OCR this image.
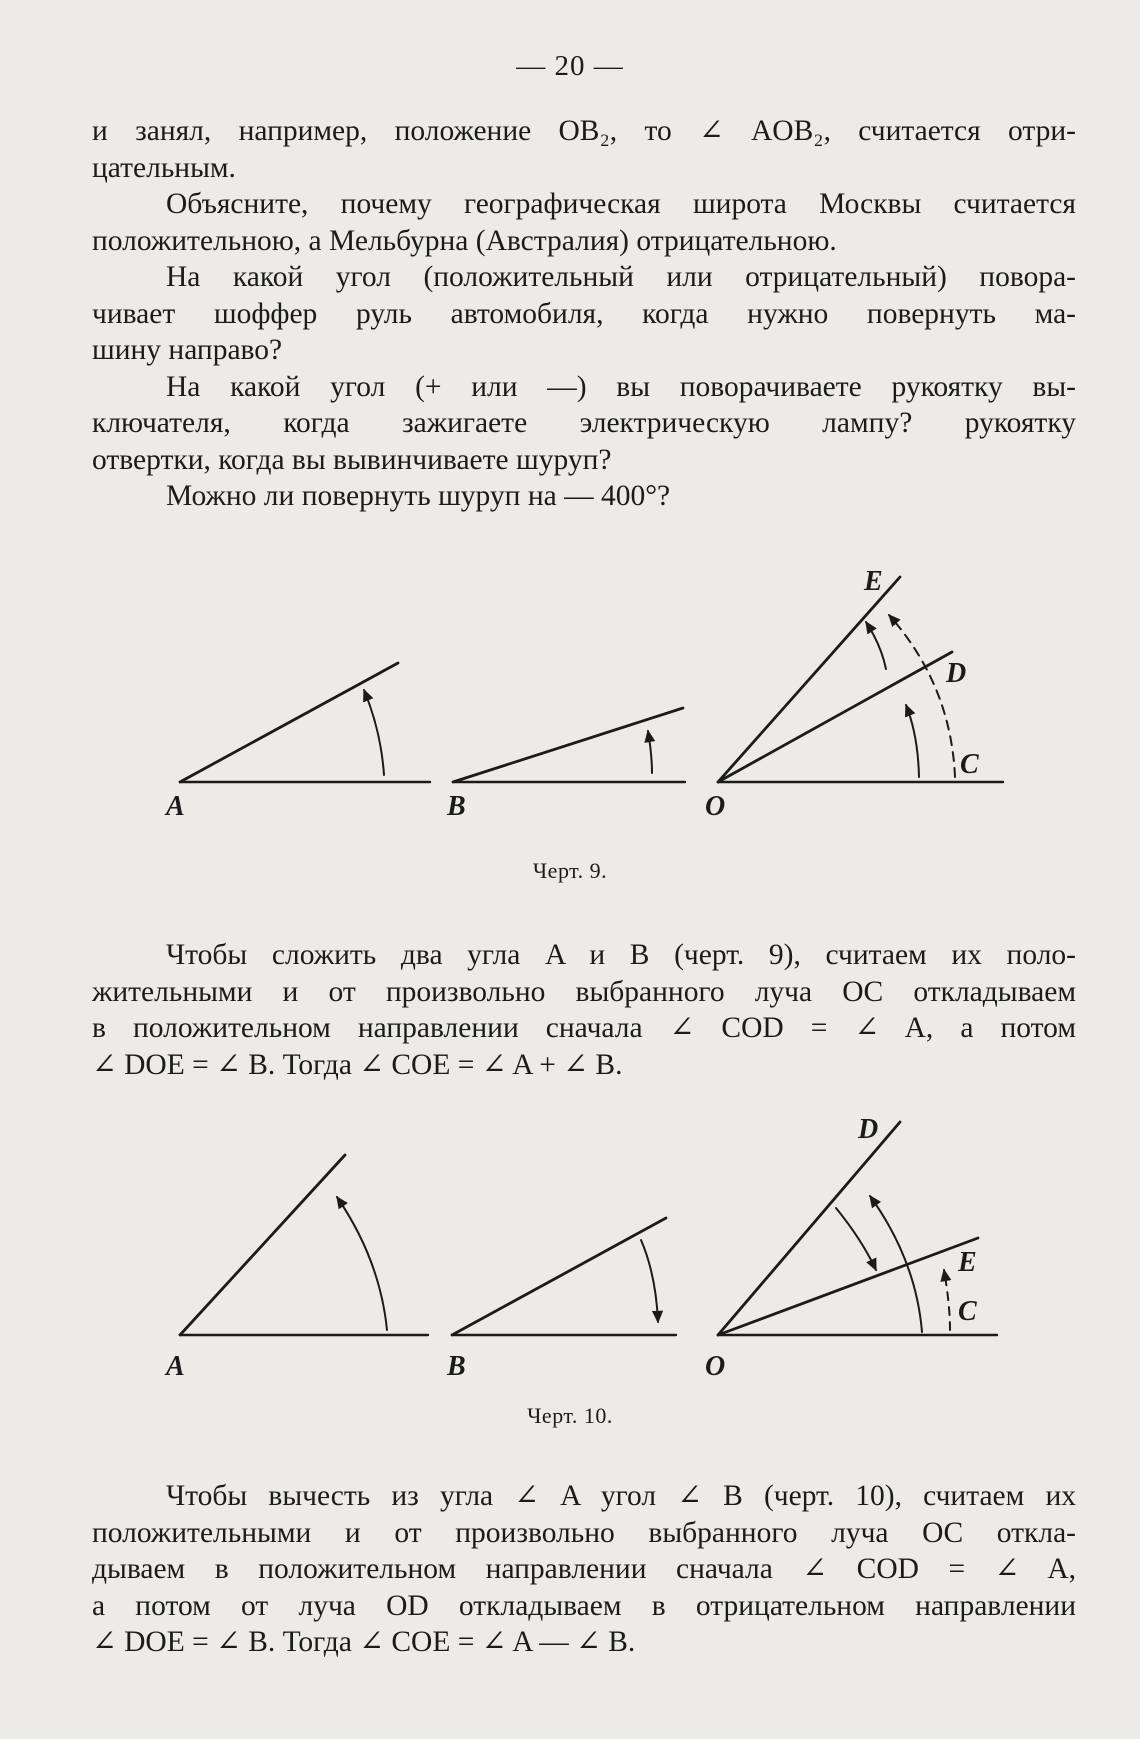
— 20 —

и занял, например, положение OB₂, то ∠ AOB₂, считается отри-

цательным.

Объясните, почему географическая широта Москвы считается

положительною, а Мельбурна (Австралия) отрицательною.

На какой угол (положительный или отрицательный) повора-

чивает шоффер руль автомобиля, когда нужно повернуть ма-

шину направо?

На какой угол (+ или —) вы поворачиваете рукоятку вы-

ключателя, когда зажигаете электрическую лампу? рукоятку

отвертки, когда вы вывинчиваете шуруп?

Можно ли повернуть шуруп на — 400°?

A	B	O
C
D
E
Черт. 9.

Чтобы сложить два угла A и B (черт. 9), считаем их поло-

жительными и от произвольно выбранного луча OC откладываем

в положительном направлении сначала ∠ COD = ∠ A, а потом

∠ DOE = ∠ B. Тогда ∠ COE = ∠ A + ∠ B.

A	B	O
C
E
D
Черт. 10.

Чтобы вычесть из угла ∠ A угол ∠ B (черт. 10), считаем их

положительными и от произвольно выбранного луча OC откла-

дываем в положительном направлении сначала ∠ COD = ∠ A,

а потом от луча OD откладываем в отрицательном направлении

∠ DOE = ∠ B. Тогда ∠ COE = ∠ A — ∠ B.
